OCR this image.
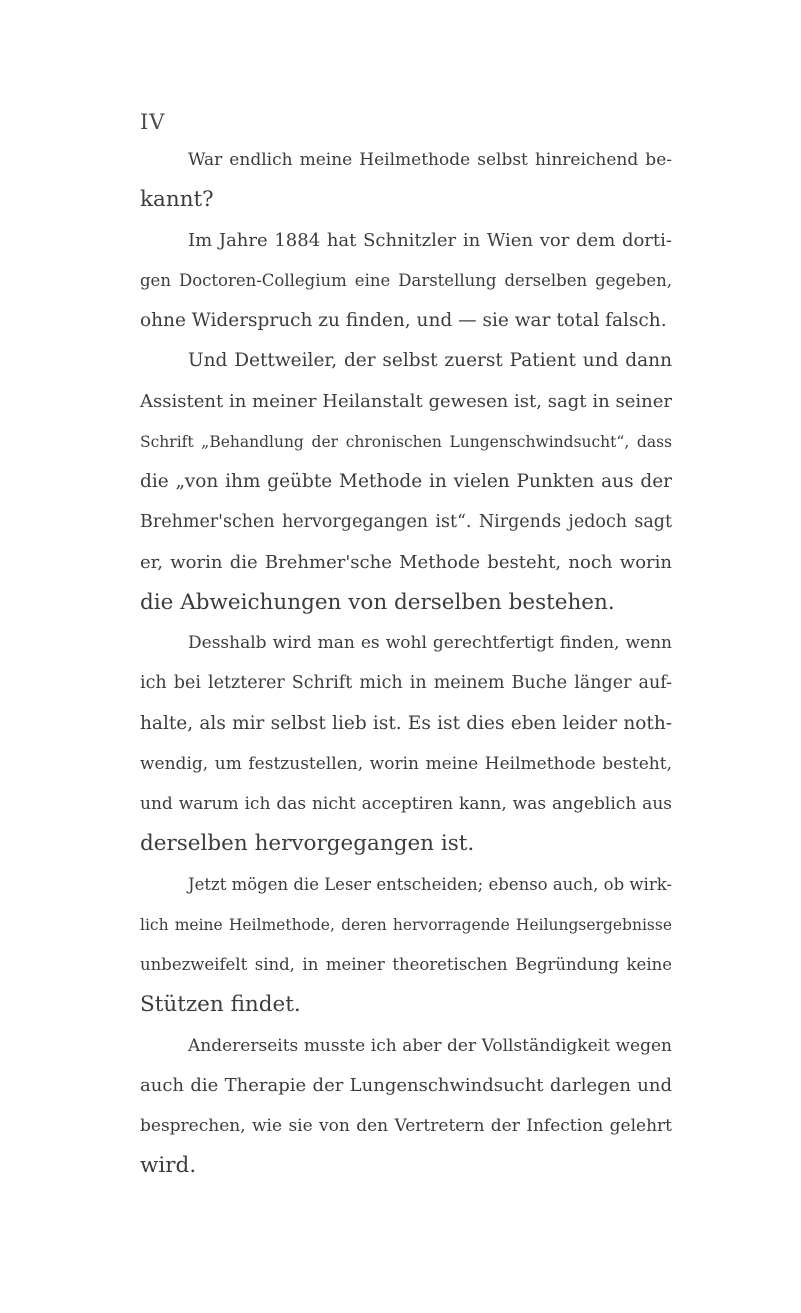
IV
War endlich meine Heilmethode selbst hinreichend be-
kannt?
Im Jahre 1884 hat Schnitzler in Wien vor dem dorti-
gen Doctoren-Collegium eine Darstellung derselben gegeben,
ohne Widerspruch zu finden, und — sie war total falsch.
Und Dettweiler, der selbst zuerst Patient und dann
Assistent in meiner Heilanstalt gewesen ist, sagt in seiner
Schrift „Behandlung der chronischen Lungenschwindsucht“, dass
die „von ihm geübte Methode in vielen Punkten aus der
Brehmer'schen hervorgegangen ist“. Nirgends jedoch sagt
er, worin die Brehmer'sche Methode besteht, noch worin
die Abweichungen von derselben bestehen.
Desshalb wird man es wohl gerechtfertigt finden, wenn
ich bei letzterer Schrift mich in meinem Buche länger auf-
halte, als mir selbst lieb ist. Es ist dies eben leider noth-
wendig, um festzustellen, worin meine Heilmethode besteht,
und warum ich das nicht acceptiren kann, was angeblich aus
derselben hervorgegangen ist.
Jetzt mögen die Leser entscheiden; ebenso auch, ob wirk-
lich meine Heilmethode, deren hervorragende Heilungsergebnisse
unbezweifelt sind, in meiner theoretischen Begründung keine
Stützen findet.
Andererseits musste ich aber der Vollständigkeit wegen
auch die Therapie der Lungenschwindsucht darlegen und
besprechen, wie sie von den Vertretern der Infection gelehrt
wird.
